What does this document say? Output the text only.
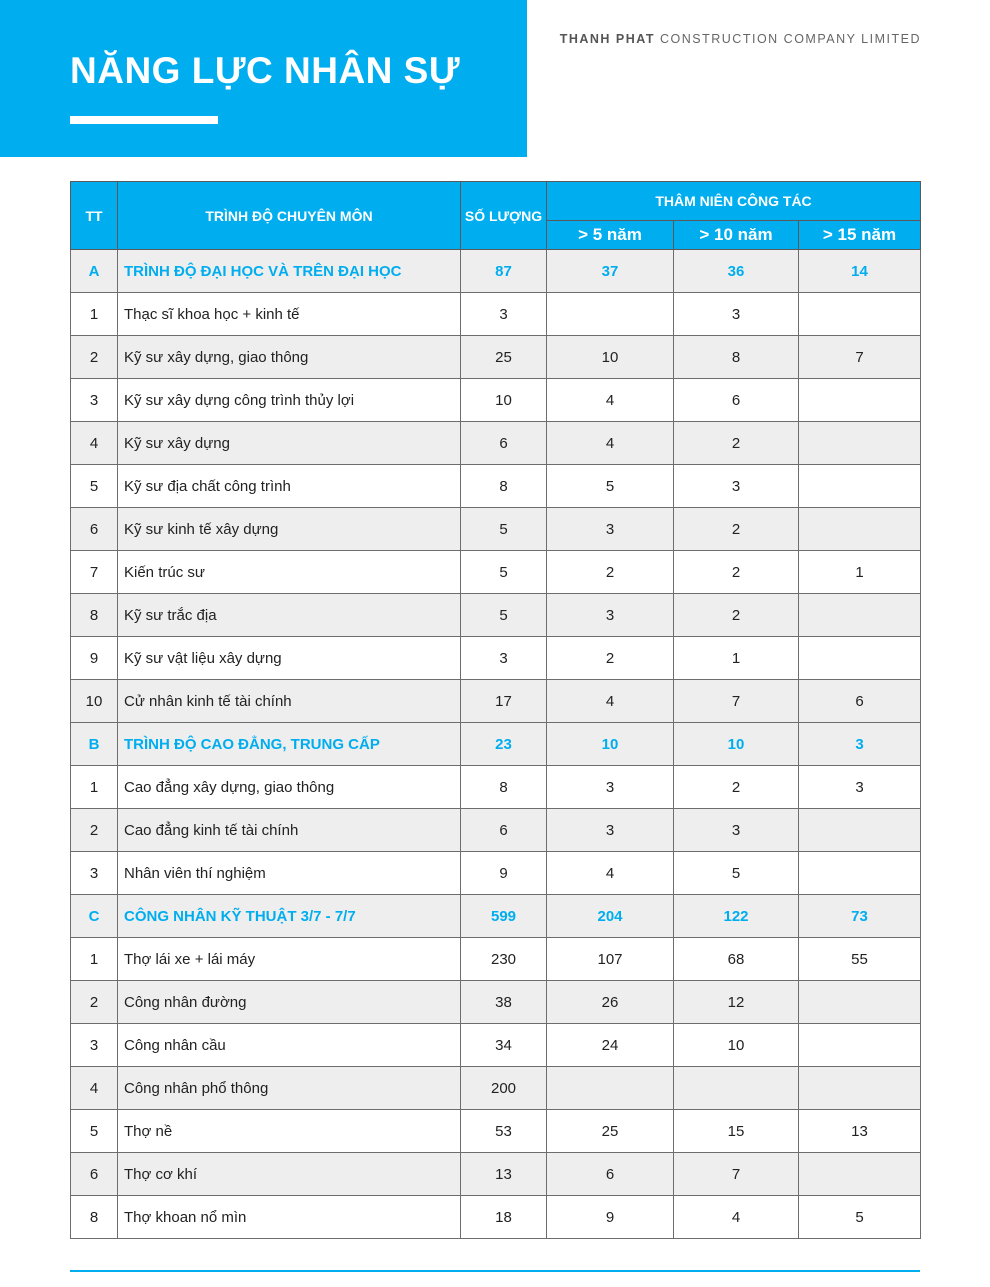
NĂNG LỰC NHÂN SỰ
THANH PHAT CONSTRUCTION COMPANY LIMITED
TT	TRÌNH ĐỘ CHUYÊN MÔN	SỐ LƯỢNG	THÂM NIÊN CÔNG TÁC		
			> 5 năm	> 10 năm	> 15 năm
A	TRÌNH ĐỘ ĐẠI HỌC VÀ TRÊN ĐẠI HỌC	87	37	36	14
1	Thạc sĩ khoa học + kinh tế	3		3	
2	Kỹ sư xây dựng, giao thông	25	10	8	7
3	Kỹ sư xây dựng công trình thủy lợi	10	4	6	
4	Kỹ sư xây dựng	6	4	2	
5	Kỹ sư địa chất công trình	8	5	3	
6	Kỹ sư kinh tế xây dựng	5	3	2	
7	Kiến trúc sư	5	2	2	1
8	Kỹ sư trắc địa	5	3	2	
9	Kỹ sư vật liệu xây dựng	3	2	1	
10	Cử nhân kinh tế tài chính	17	4	7	6
B	TRÌNH ĐỘ CAO ĐẲNG, TRUNG CẤP	23	10	10	3
1	Cao đẳng xây dựng, giao thông	8	3	2	3
2	Cao đẳng kinh tế tài chính	6	3	3	
3	Nhân viên thí nghiệm	9	4	5	
C	CÔNG NHÂN KỸ THUẬT 3/7 - 7/7	599	204	122	73
1	Thợ lái xe + lái máy	230	107	68	55
2	Công nhân đường	38	26	12	
3	Công nhân cầu	34	24	10	
4	Công nhân phổ thông	200			
5	Thợ nề	53	25	15	13
6	Thợ cơ khí	13	6	7	
8	Thợ khoan nổ mìn	18	9	4	5
